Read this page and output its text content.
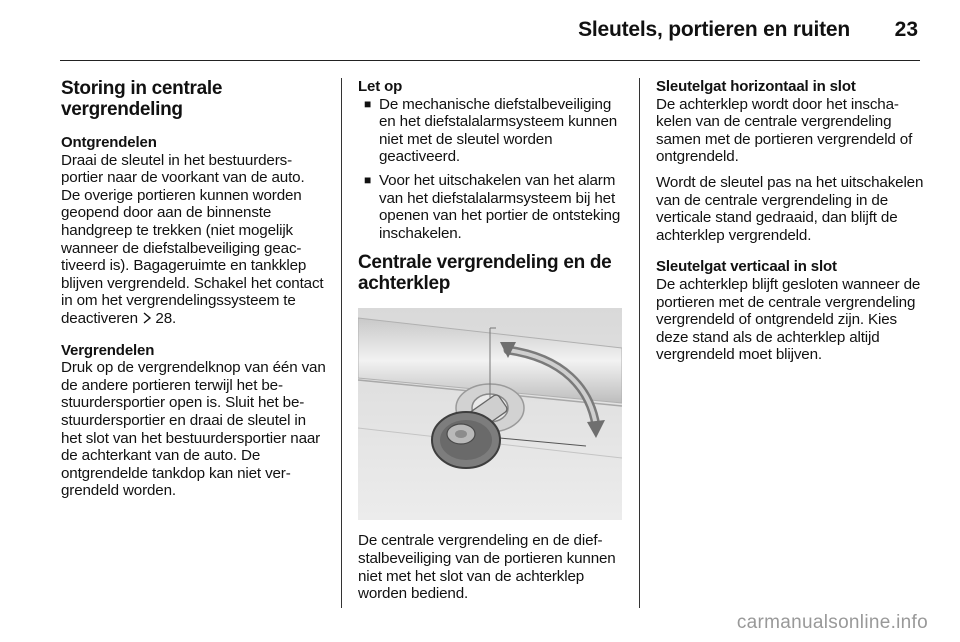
Sleutels, portieren en ruiten 23
Storing in centrale vergrendeling
Ontgrendelen

Draai de sleutel in het bestuurdersportier naar de voorkant van de auto. De overige portieren kunnen worden geopend door aan de binnenste handgreep te trekken (niet mogelijk wanneer de diefstalbeveiliging geactiveerd is). Bagageruimte en tankklep blijven vergrendeld. Schakel het contact in om het vergrendelingssysteem te deactiveren 28.

Vergrendelen

Druk op de vergrendelknop van één van de andere portieren terwijl het bestuurdersportier open is. Sluit het bestuurdersportier en draai de sleutel in het slot van het bestuurdersportier naar de achterkant van de auto. De ontgrendelde tankdop kan niet vergrendeld worden.

Let op
■ De mechanische diefstalbeveiliging en het diefstalalarmsysteem kunnen niet met de sleutel worden geactiveerd.
■ Voor het uitschakelen van het alarm van het diefstalalarmsysteem bij het openen van het portier de ontsteking inschakelen.
Centrale vergrendeling en de achterklep

De centrale vergrendeling en de diefstalbeveiliging van de portieren kunnen niet met het slot van de achterklep worden bediend.

Sleutelgat horizontaal in slot

De achterklep wordt door het inschakelen van de centrale vergrendeling samen met de portieren vergrendeld of ontgrendeld.

Wordt de sleutel pas na het uitschakelen van de centrale vergrendeling in de verticale stand gedraaid, dan blijft de achterklep vergrendeld.

Sleutelgat verticaal in slot

De achterklep blijft gesloten wanneer de portieren met de centrale vergrendeling vergrendeld of ontgrendeld zijn. Kies deze stand als de achterklep altijd vergrendeld moet blijven.

carmanualsonline.info
